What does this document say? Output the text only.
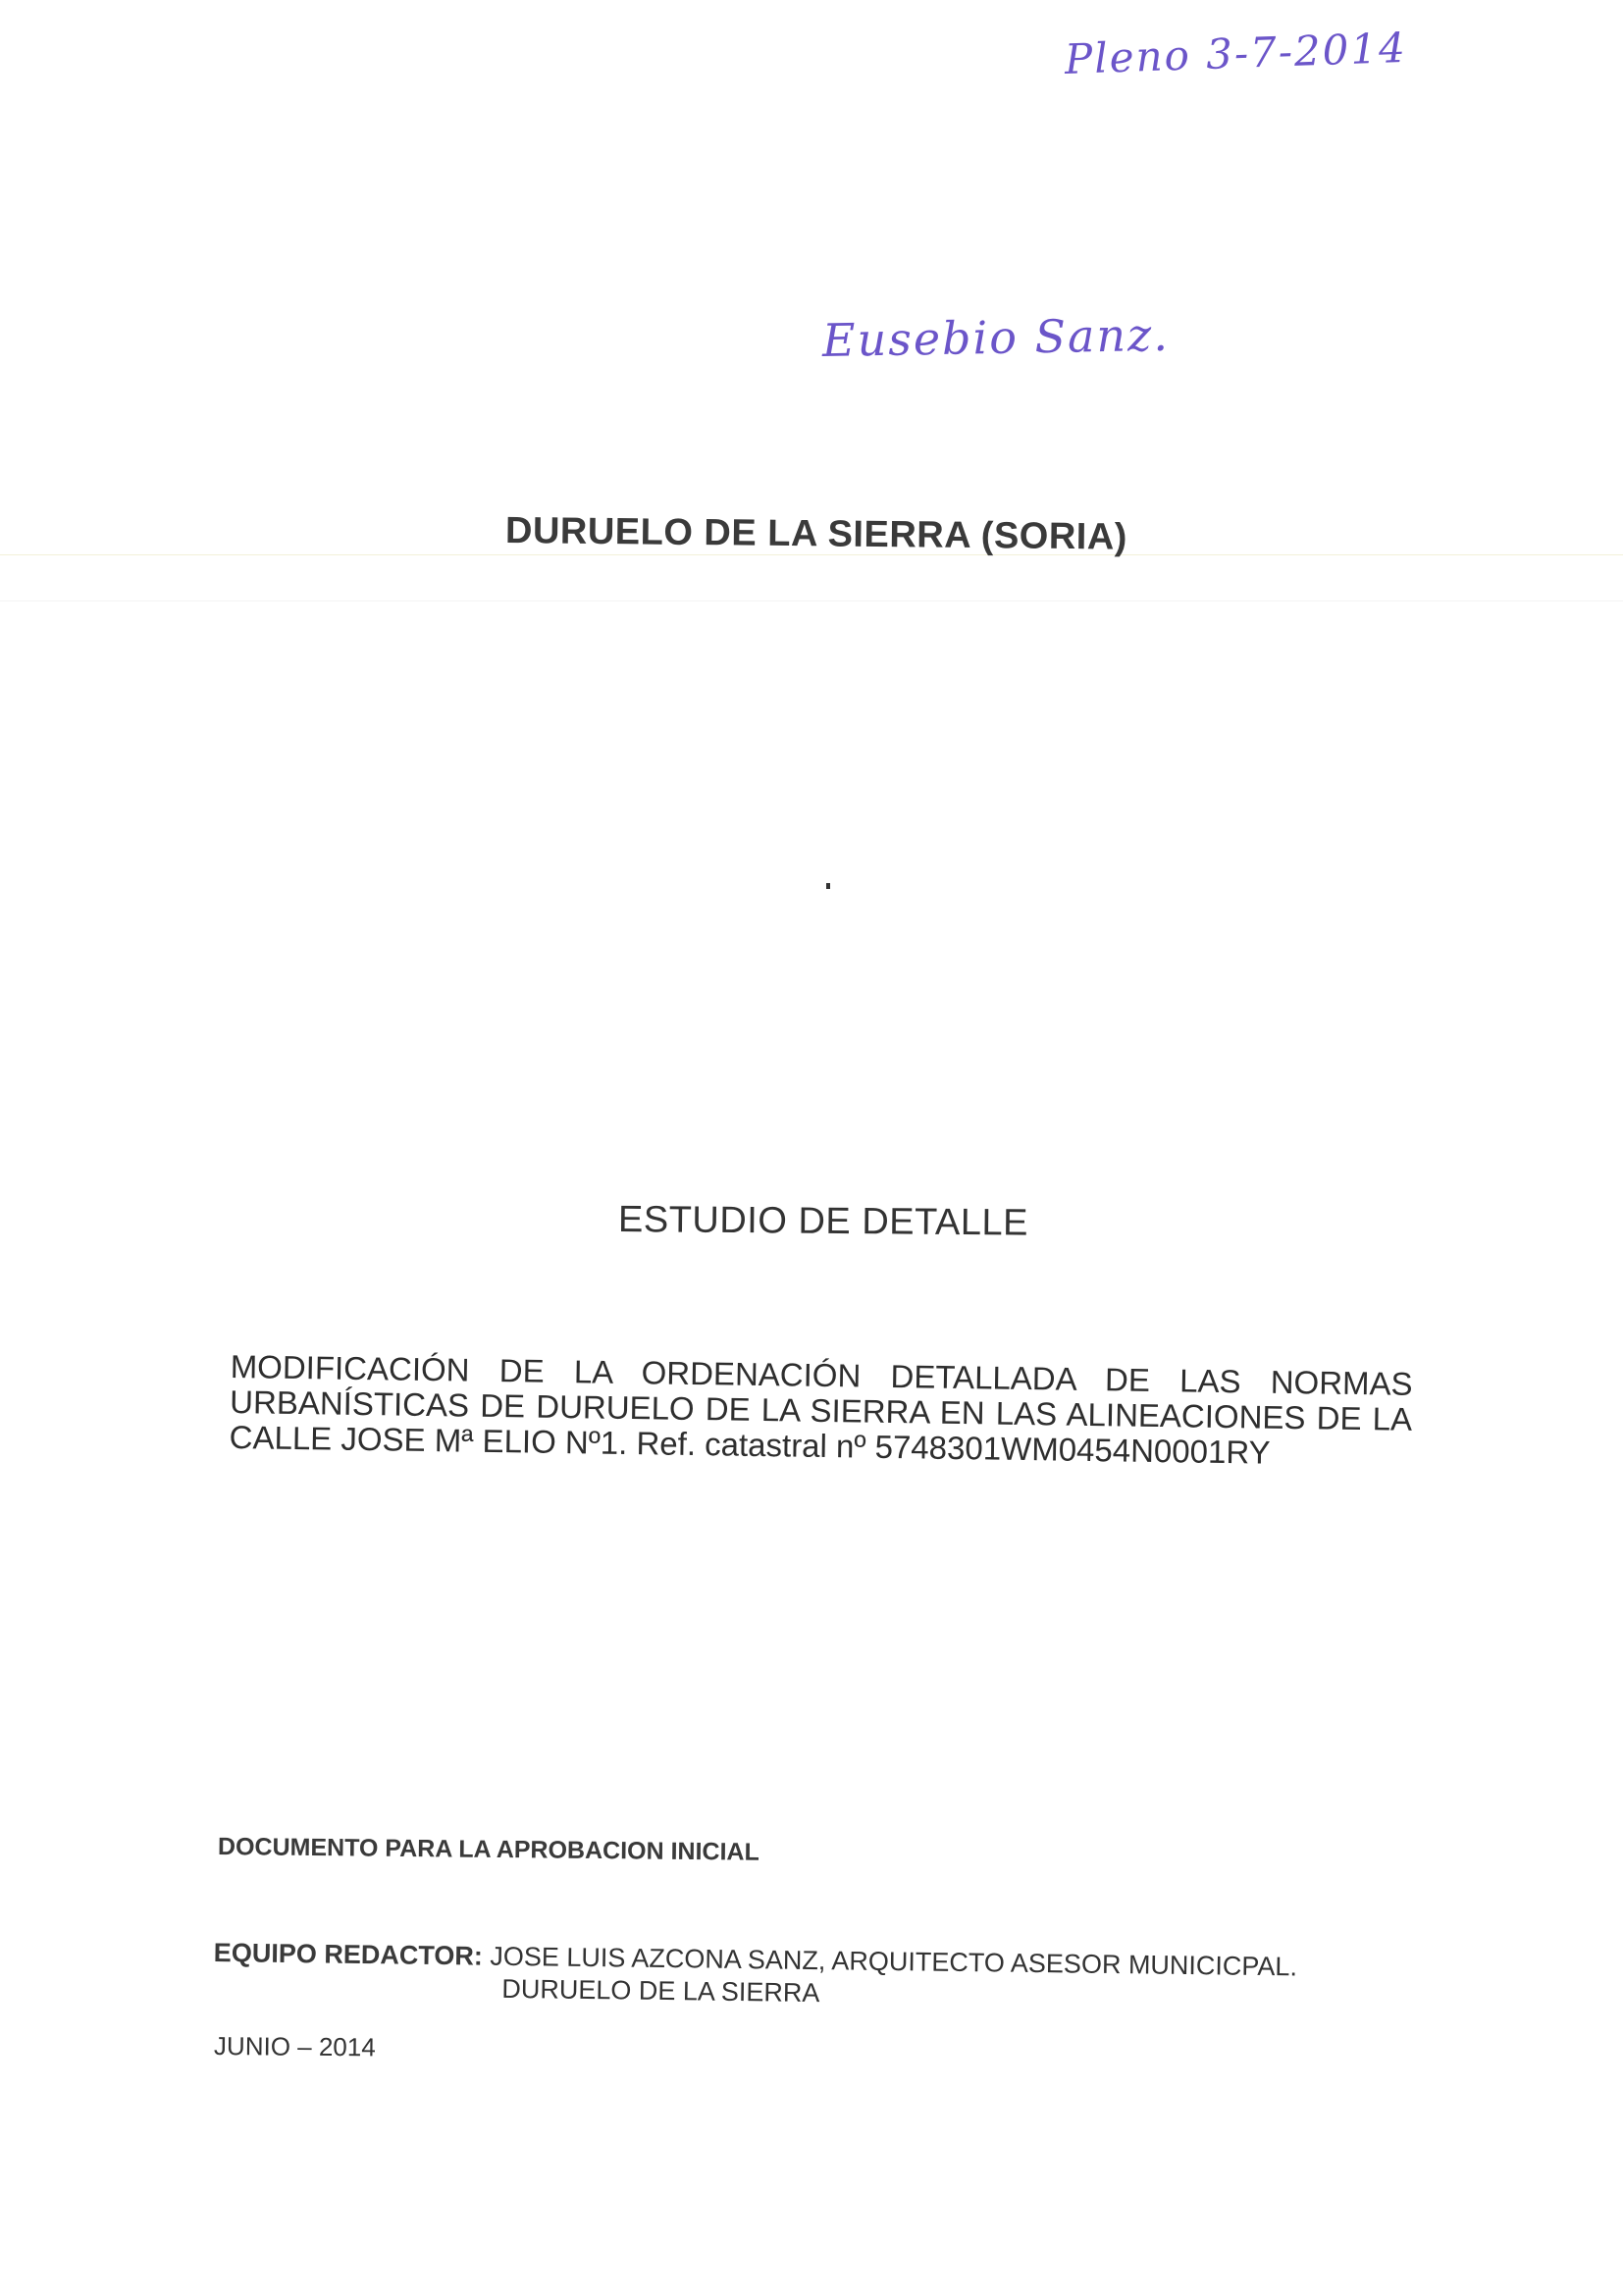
Pleno 3-7-2014
Eusebio Sanz.
DURUELO DE LA SIERRA (SORIA)
ESTUDIO DE DETALLE
MODIFICACIÓN DE LA ORDENACIÓN DETALLADA DE LAS NORMAS URBANÍSTICAS DE DURUELO DE LA SIERRA EN LAS ALINEACIONES DE LA CALLE JOSE Mª ELIO Nº1. Ref. catastral nº 5748301WM0454N0001RY
DOCUMENTO PARA LA APROBACION INICIAL
EQUIPO REDACTOR: JOSE LUIS AZCONA SANZ, ARQUITECTO ASESOR MUNICICPAL.
DURUELO DE LA SIERRA
JUNIO – 2014
